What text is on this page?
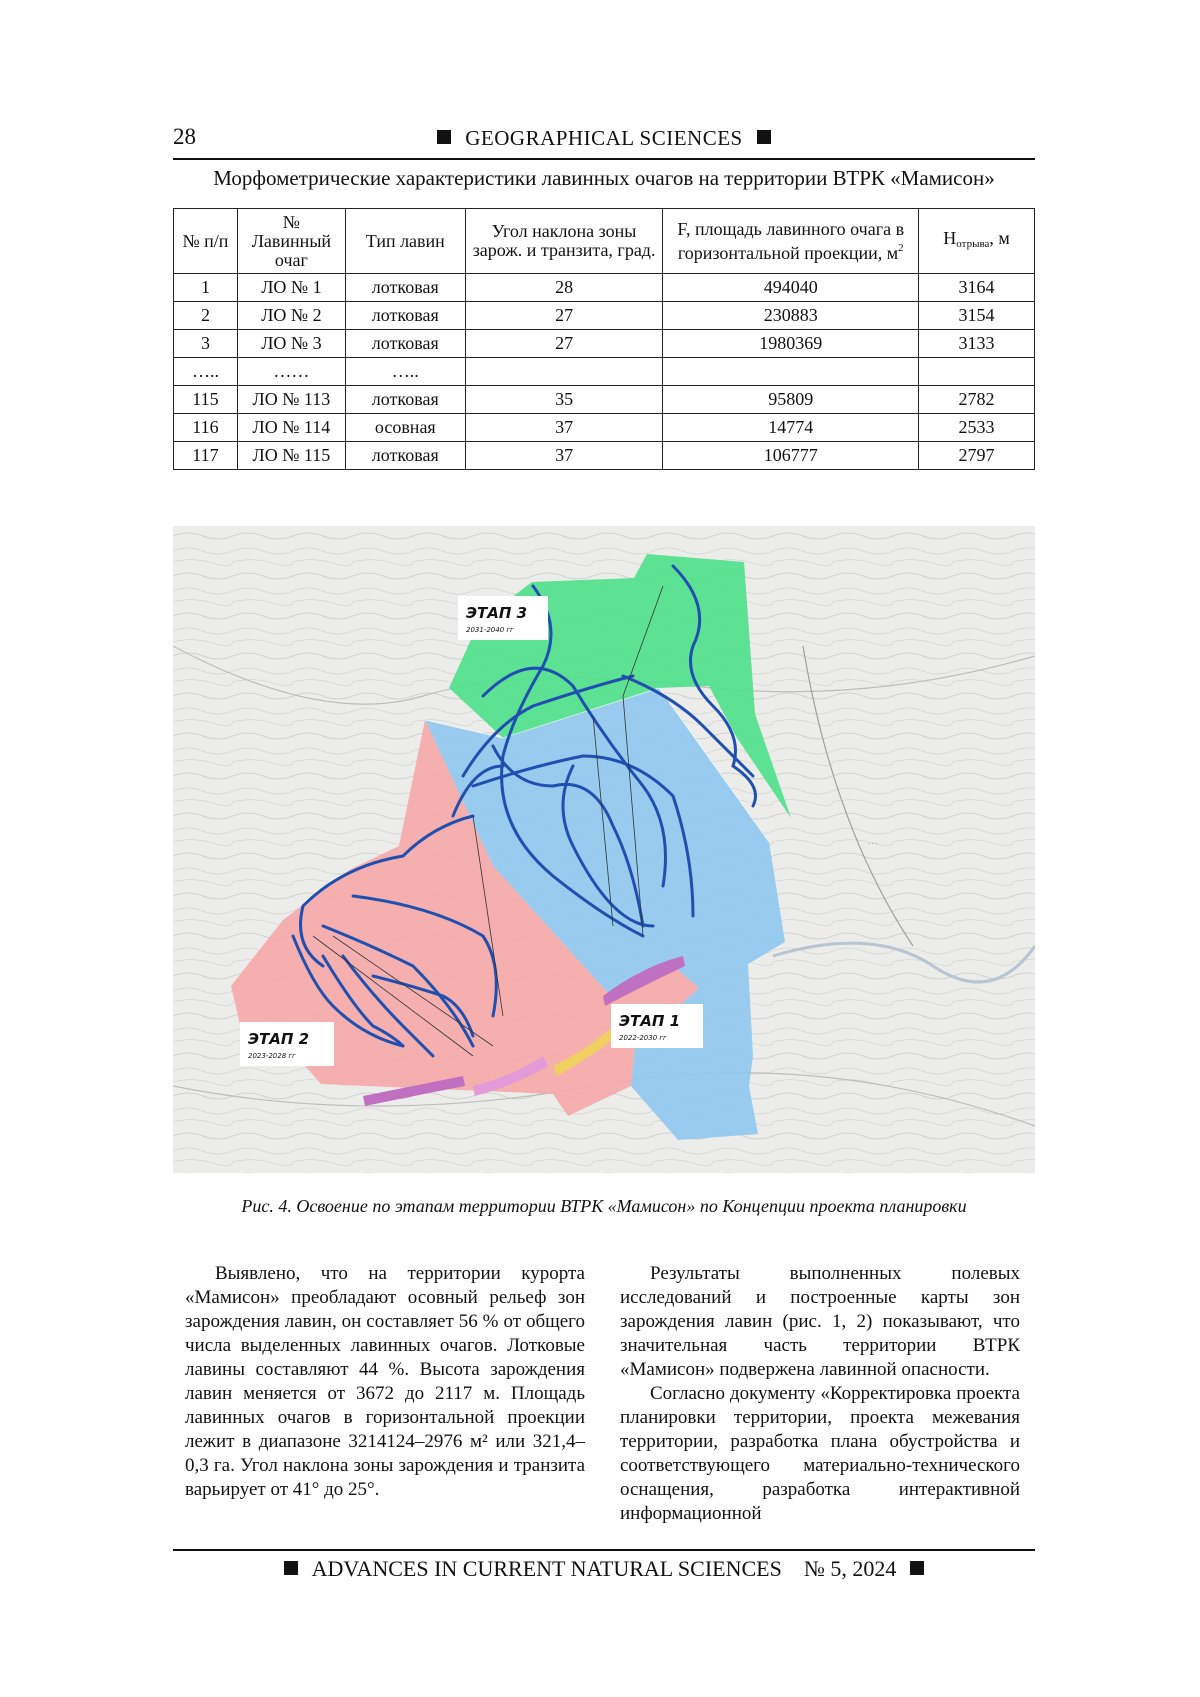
28	GEOGRAPHICAL SCIENCES
Морфометрические характеристики лавинных очагов на территории ВТРК «Мамисон»
№ п/п	№ Лавинный очаг	Тип лавин	Угол наклона зоны зарож. и транзита, град.	F, площадь лавинного очага в горизонтальной проекции, $м^2$	$H_{отрыва}$, м
1	ЛО № 1	лотковая	28	494040	3164
2	ЛО № 2	лотковая	27	230883	3154
3	ЛО № 3	лотковая	27	1980369	3133
…..	……	…..			
115	ЛО № 113	лотковая	35	95809	2782
116	ЛО № 114	осовная	37	14774	2533
117	ЛО № 115	лотковая	37	106777	2797
· · ·
ЭТАП 3
2031-2040 гг
ЭТАП 1
2022-2030 гг
ЭТАП 2
2023-2028 гг
Рис. 4. Освоение по этапам территории ВТРК «Мамисон» по Концепции проекта планировки

Выявлено, что на территории курорта «Мамисон» преобладают осовный рельеф зон зарождения лавин, он составляет 56 % от общего числа выделенных лавинных очагов. Лотковые лавины составляют 44 %. Высота зарождения лавин меняется от 3672 до 2117 м. Площадь лавинных очагов в горизонтальной проекции лежит в диапазоне 3214124–2976 м² или 321,4–0,3 га. Угол наклона зоны зарождения и транзита варьирует от 41° до 25°.

Результаты выполненных полевых исследований и построенные карты зон зарождения лавин (рис. 1, 2) показывают, что значительная часть территории ВТРК «Мамисон» подвержена лавинной опасности.

Согласно документу «Корректировка проекта планировки территории, проекта межевания территории, разработка плана обустройства и соответствующего материально-технического оснащения, разработка интерактивной информационной

ADVANCES IN CURRENT NATURAL SCIENCES № 5, 2024
